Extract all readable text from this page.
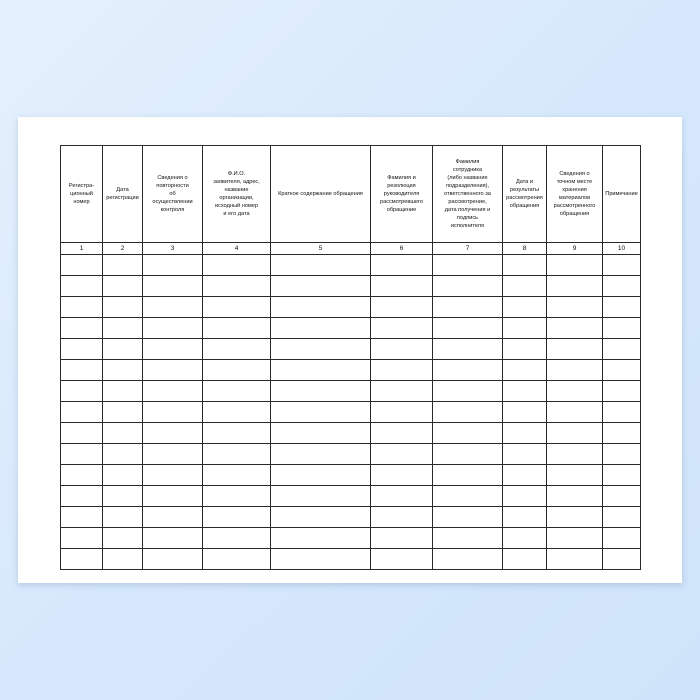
Регистра-
ционный
номер	Дата
регистрации	Сведения о
повторности
об
осуществлении
контроля	Ф.И.О.
заявителя, адрес,
название
организации,
исходный номер
и его дата	Краткое содержание обращения	Фамилия и
резолюция
руководителя
рассмотревшего
обращение	Фамилия
сотрудника
(либо название
подразделения),
ответственного за
рассмотрение,
дата получения и
подпись
исполнителя	Дата и
результаты
рассмотрения
обращения	Сведения о
точном месте
хранения
материалов
рассмотренного
обращения	Примечание
1	2	3	4	5	6	7	8	9	10
